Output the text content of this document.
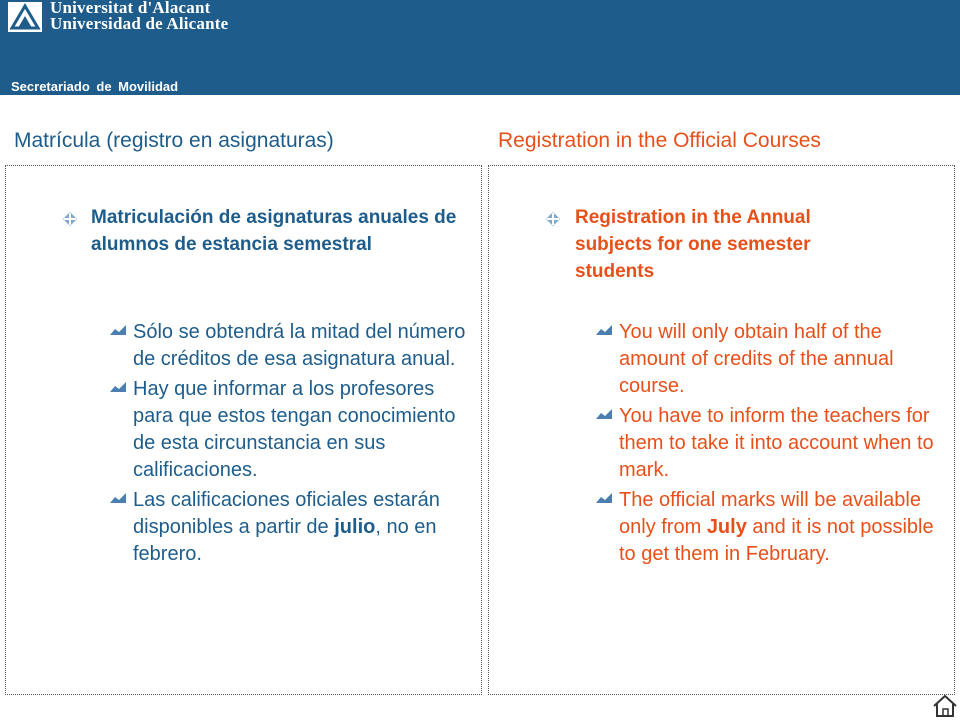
Universitat d'Alacant
Universidad de Alicante
Secretariado de Movilidad
Matrícula (registro en asignaturas)	Registration in the Official Courses
Matriculación de asignaturas anuales de alumnos de estancia semestral
Sólo se obtendrá la mitad del número de créditos de esa asignatura anual.
Hay que informar a los profesores para que estos tengan conocimiento de esta circunstancia en sus calificaciones.
Las calificaciones oficiales estarán disponibles a partir de julio, no en febrero.
Registration in the Annual subjects for one semester students
You will only obtain half of the amount of credits of the annual course.
You have to inform the teachers for them to take it into account when to mark.
The official marks will be available only from July and it is not possible to get them in February.
